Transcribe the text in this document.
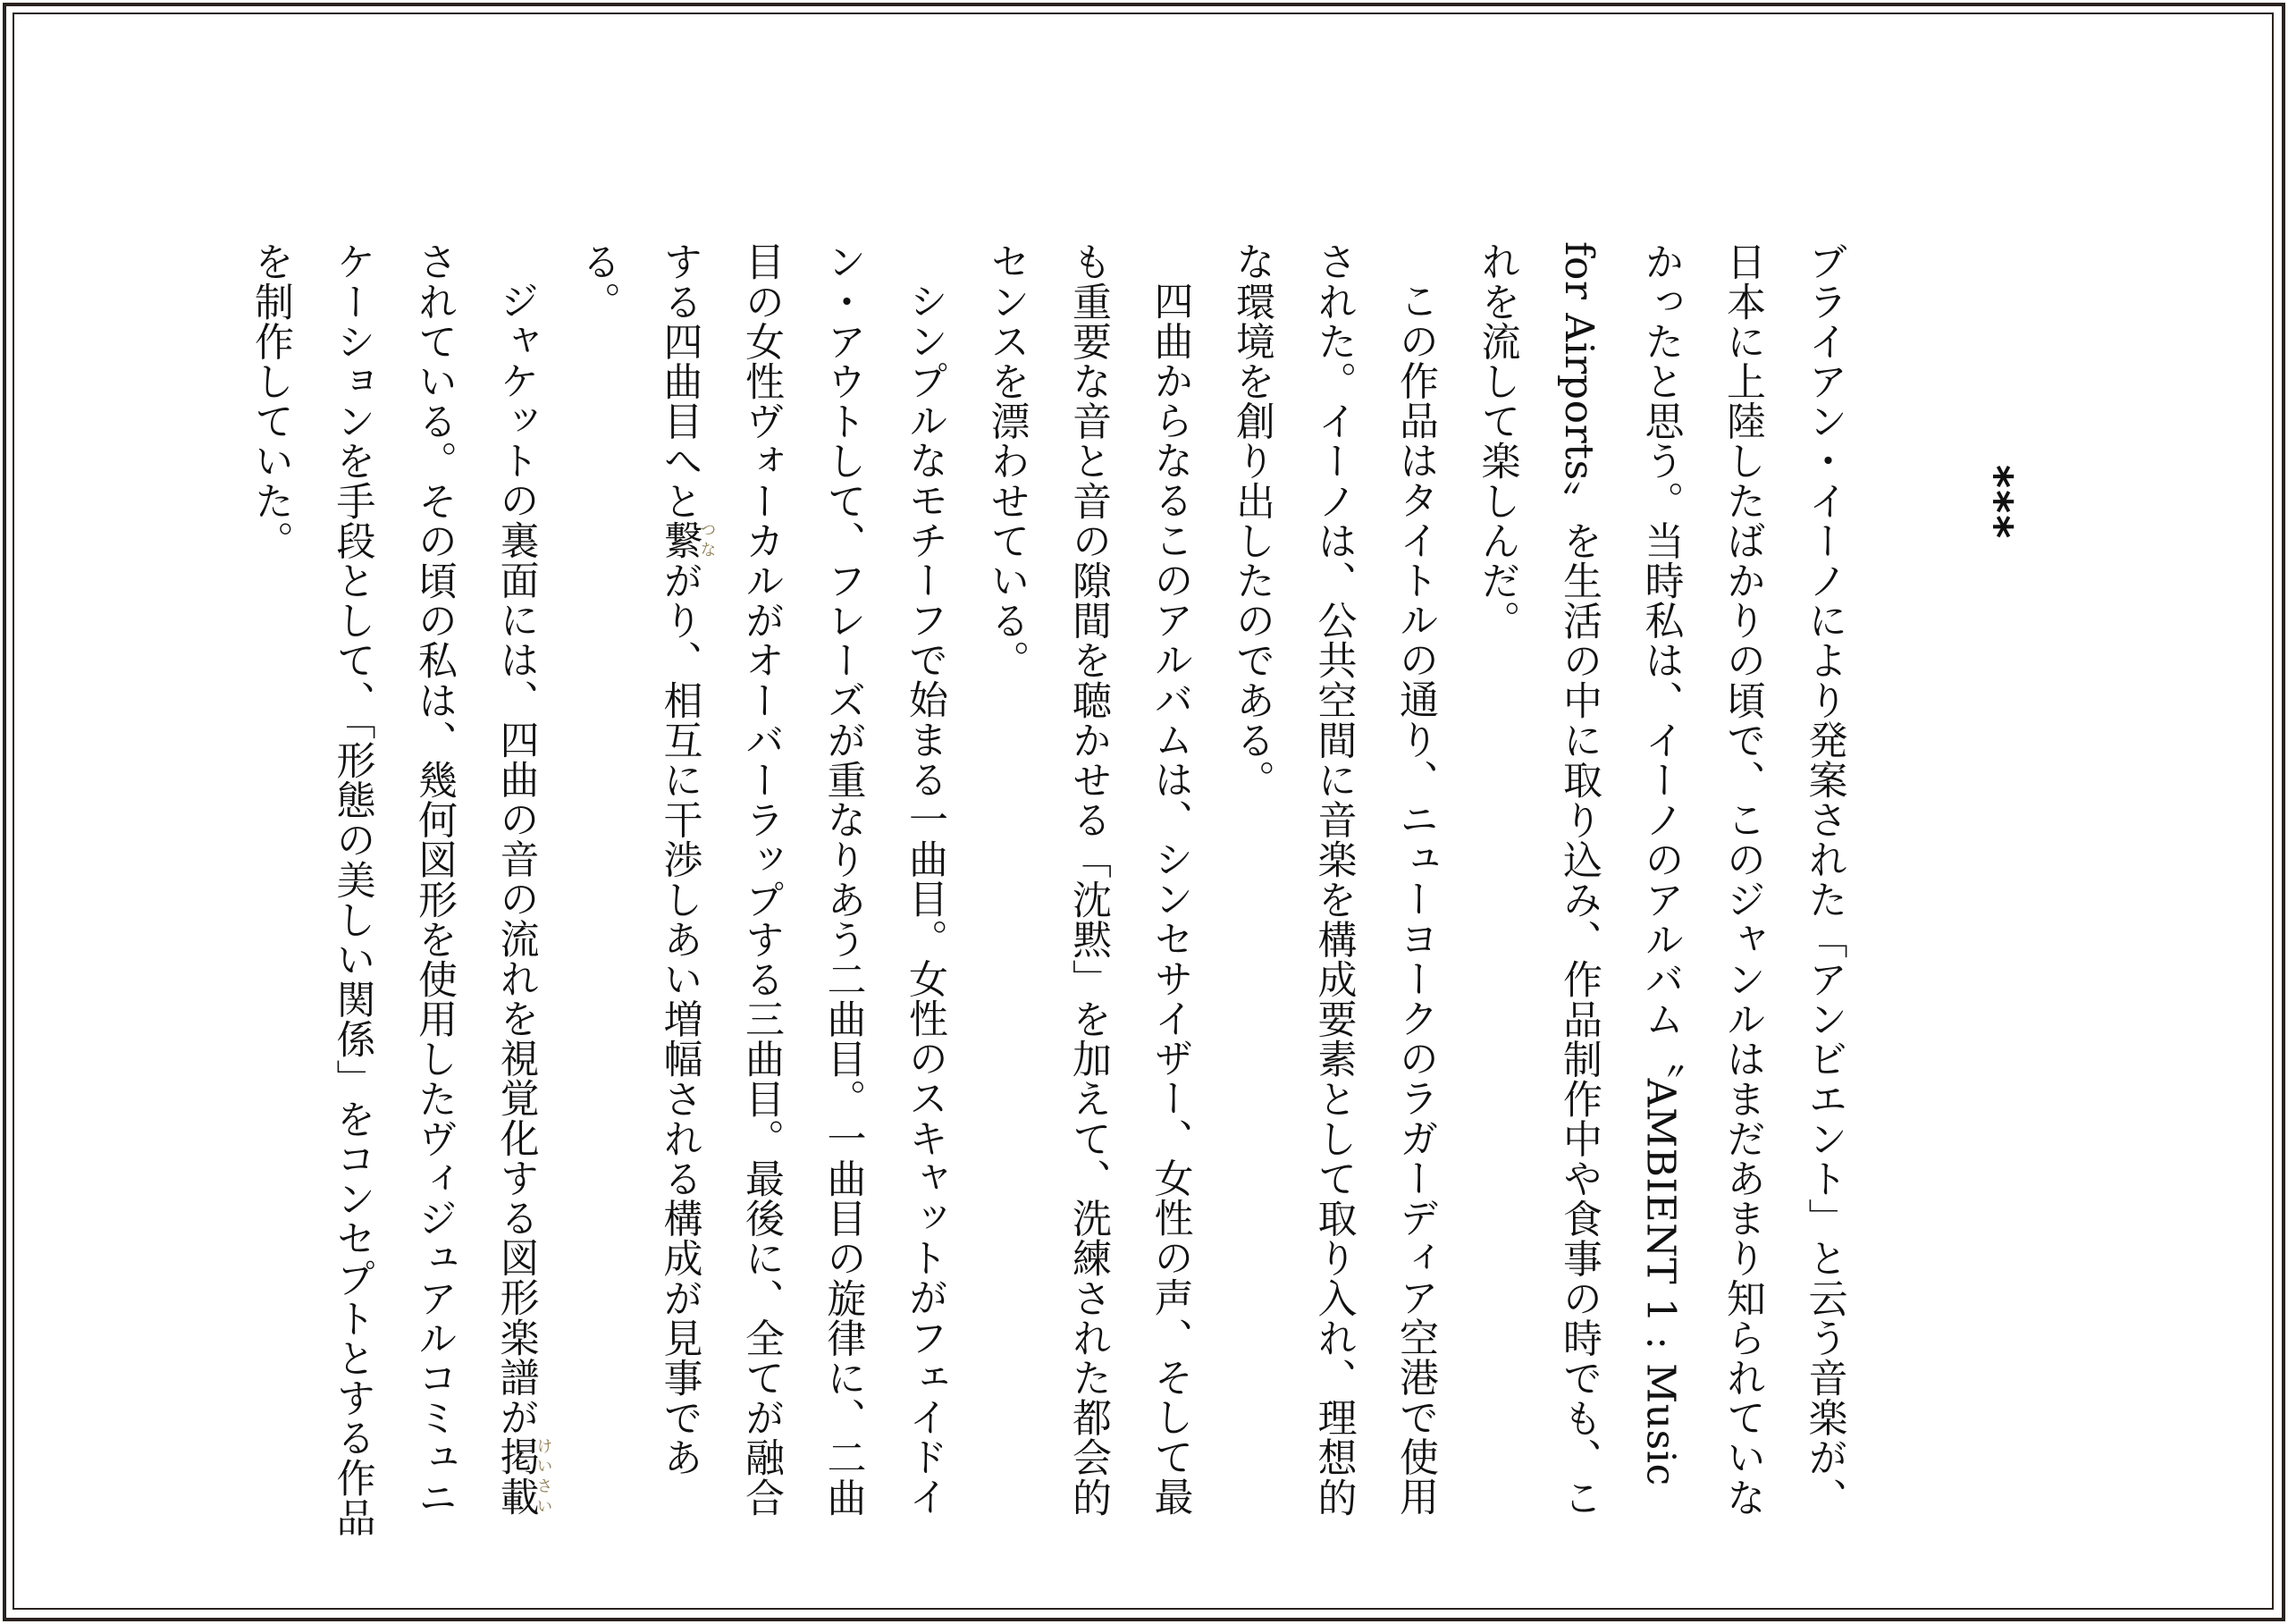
***

ブライアン・イーノにより発案された「アンビエント」と云う音楽が、日本に上陸したばかりの頃で、このジャンルはまだあまり知られていなかったと思う。当時私は、イーノのアルバム〝AMBIENT 1 : Music for Airports〟を生活の中に取り込み、作品制作中や食事の時でも、これを流して楽しんだ。

この作品はタイトルの通り、ニューヨークのラガーディア空港で使用された。イーノは、公共空間に音楽を構成要素として取り入れ、理想的な環境を創り出したのである。

四曲からなるこのアルバムは、シンセサイザー、女性の声、そして最も重要な音と音の隙間を聴かせる「沈黙」を加えて、洗練された都会的センスを漂わせている。

シンプルなモチーフで始まる一曲目。女性のスキャットがフェイドイン・アウトして、フレーズが重なりあう二曲目。一曲目の旋律に、二曲目の女性ヴォーカルがオーバーラップする三曲目。最後に、全てが融合する四曲目へと繋つながり、相互に干渉しあい増幅される構成が見事である。

ジャケットの裏面には、四曲の音の流れを視覚化する図形楽譜が掲載けいさいされている。その頃の私は、幾何図形を使用したヴィジュアルコミュニケーションを手段として、「形態の美しい関係」をコンセプトとする作品を制作していた。
